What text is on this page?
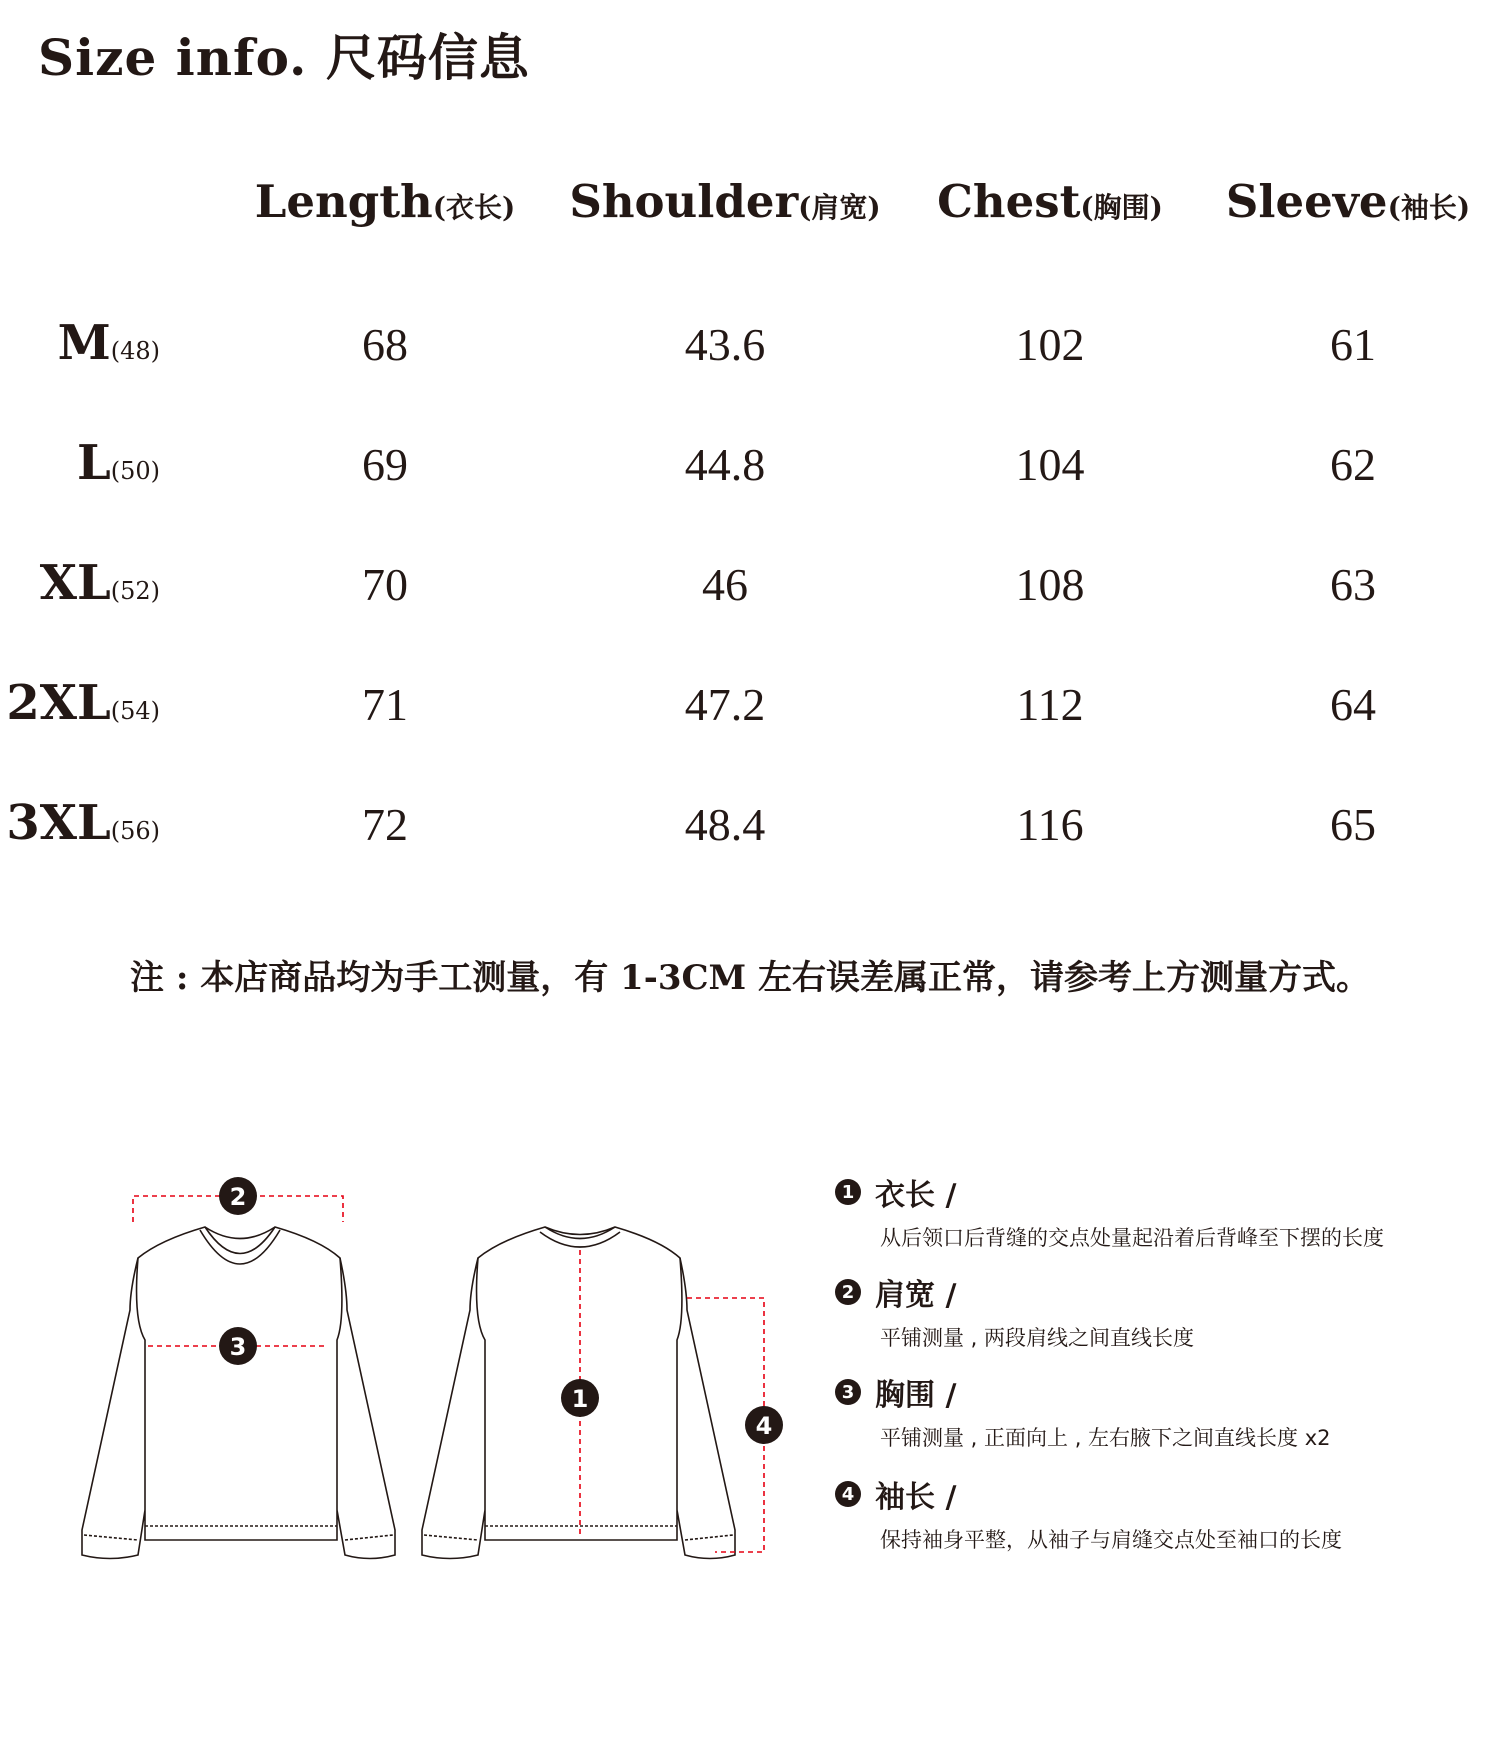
Size info. 尺码信息
Length(衣长) Shoulder(肩宽) Chest(胸围) Sleeve(袖长)
M(48)	68	43.6	102	61
L(50)	69	44.8	104	62
XL(52)	70	46	108	63
2XL(54)	71	47.2	112	64
3XL(56)	72	48.4	116	65
注 : 本店商品均为手工测量，有 1-3CM 左右误差属正常，请参考上方测量方式。
2
3
1
4
1 衣长 /
从后领口后背缝的交点处量起沿着后背峰至下摆的长度
2 肩宽 /
平铺测量 , 两段肩线之间直线长度
3 胸围 /
平铺测量 , 正面向上 , 左右腋下之间直线长度 x2
4 袖长 /
保持袖身平整，从袖子与肩缝交点处至袖口的长度
